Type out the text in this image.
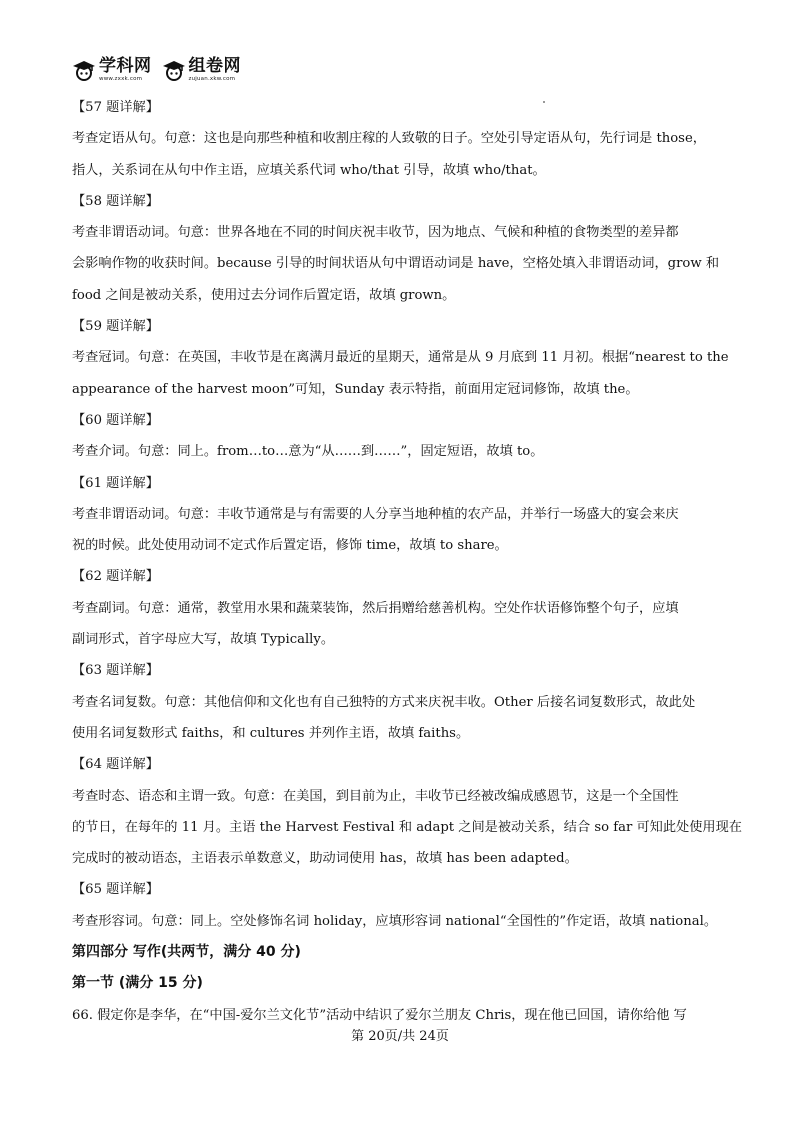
学科网
www.zxxk.com
组卷网
zujuan.xkw.com
【57 题详解】
考查定语从句。句意：这也是向那些种植和收割庄稼的人致敬的日子。空处引导定语从句，先行词是 those，
指人，关系词在从句中作主语，应填关系代词 who/that 引导，故填 who/that。
【58 题详解】
考查非谓语动词。句意：世界各地在不同的时间庆祝丰收节，因为地点、气候和种植的食物类型的差异都
会影响作物的收获时间。because 引导的时间状语从句中谓语动词是 have，空格处填入非谓语动词，grow 和
food 之间是被动关系，使用过去分词作后置定语，故填 grown。
【59 题详解】
考查冠词。句意：在英国，丰收节是在离满月最近的星期天，通常是从 9 月底到 11 月初。根据“nearest to the
appearance of the harvest moon”可知，Sunday 表示特指，前面用定冠词修饰，故填 the。
【60 题详解】
考查介词。句意：同上。from…to…意为“从……到……”，固定短语，故填 to。
【61 题详解】
考查非谓语动词。句意：丰收节通常是与有需要的人分享当地种植的农产品，并举行一场盛大的宴会来庆
祝的时候。此处使用动词不定式作后置定语，修饰 time，故填 to share。
【62 题详解】
考查副词。句意：通常，教堂用水果和蔬菜装饰，然后捐赠给慈善机构。空处作状语修饰整个句子，应填
副词形式，首字母应大写，故填 Typically。
【63 题详解】
考查名词复数。句意：其他信仰和文化也有自己独特的方式来庆祝丰收。Other 后接名词复数形式，故此处
使用名词复数形式 faiths，和 cultures 并列作主语，故填 faiths。
【64 题详解】
考查时态、语态和主谓一致。句意：在美国，到目前为止，丰收节已经被改编成感恩节，这是一个全国性
的节日，在每年的 11 月。主语 the Harvest Festival 和 adapt 之间是被动关系，结合 so far 可知此处使用现在
完成时的被动语态，主语表示单数意义，助动词使用 has，故填 has been adapted。
【65 题详解】
考查形容词。句意：同上。空处修饰名词 holiday，应填形容词 national“全国性的”作定语，故填 national。
第四部分 写作(共两节，满分 40 分)
第一节 (满分 15 分)
66. 假定你是李华，在“中国-爱尔兰文化节”活动中结识了爱尔兰朋友 Chris，现在他已回国，请你给他 写
第 20页/共 24页
